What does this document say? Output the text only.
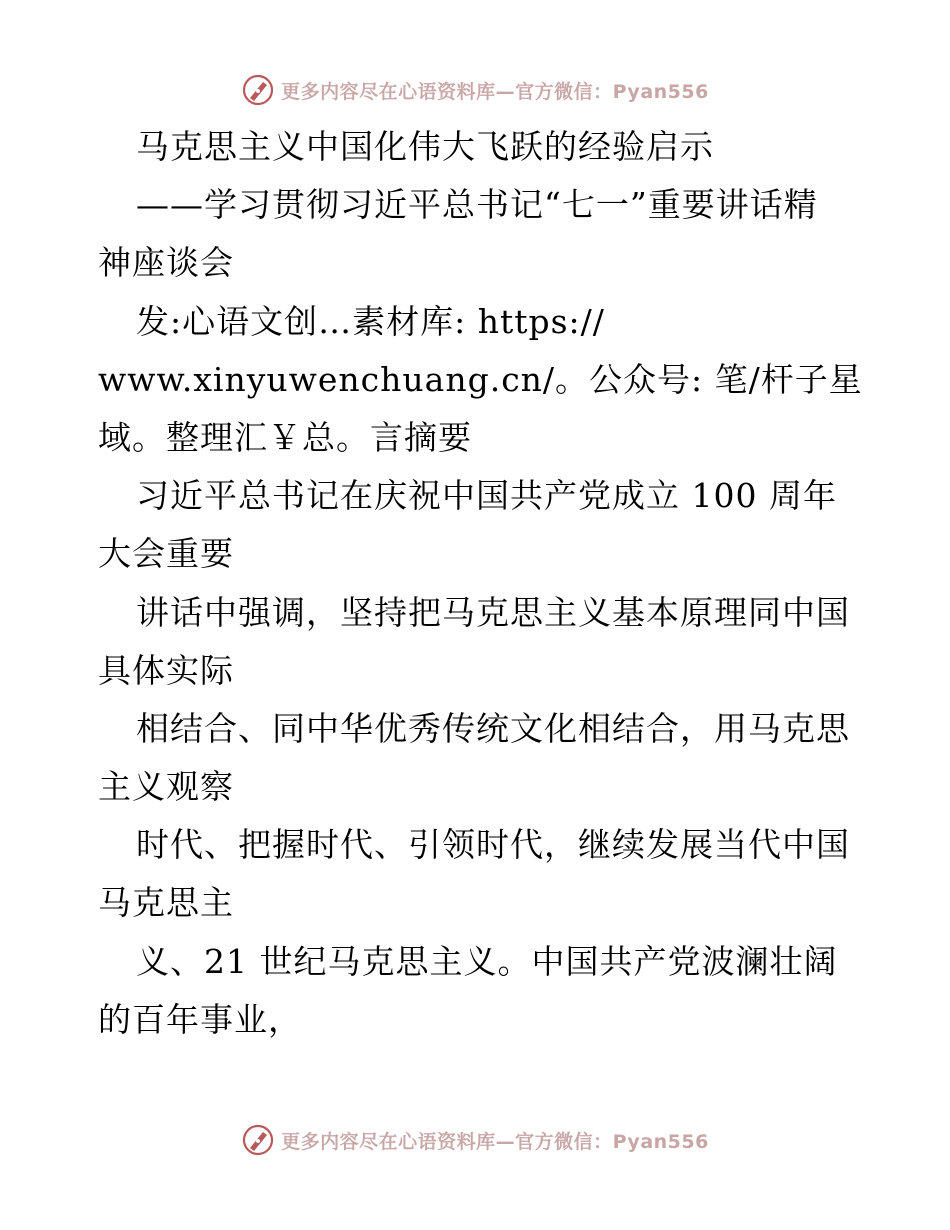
更多内容尽在心语资料库—官方微信：Pyan556
马克思主义中国化伟大飞跃的经验启示
——学习贯彻习近平总书记“七一”重要讲话精
神座谈会
发:心语文创…素材库: https://
www.xinyuwenchuang.cn/。公众号: 笔/杆子星
域。整理汇￥总。言摘要
习近平总书记在庆祝中国共产党成立 100 周年
大会重要
讲话中强调，坚持把马克思主义基本原理同中国
具体实际
相结合、同中华优秀传统文化相结合，用马克思
主义观察
时代、把握时代、引领时代，继续发展当代中国
马克思主
义、21 世纪马克思主义。中国共产党波澜壮阔
的百年事业，
更多内容尽在心语资料库—官方微信：Pyan556
